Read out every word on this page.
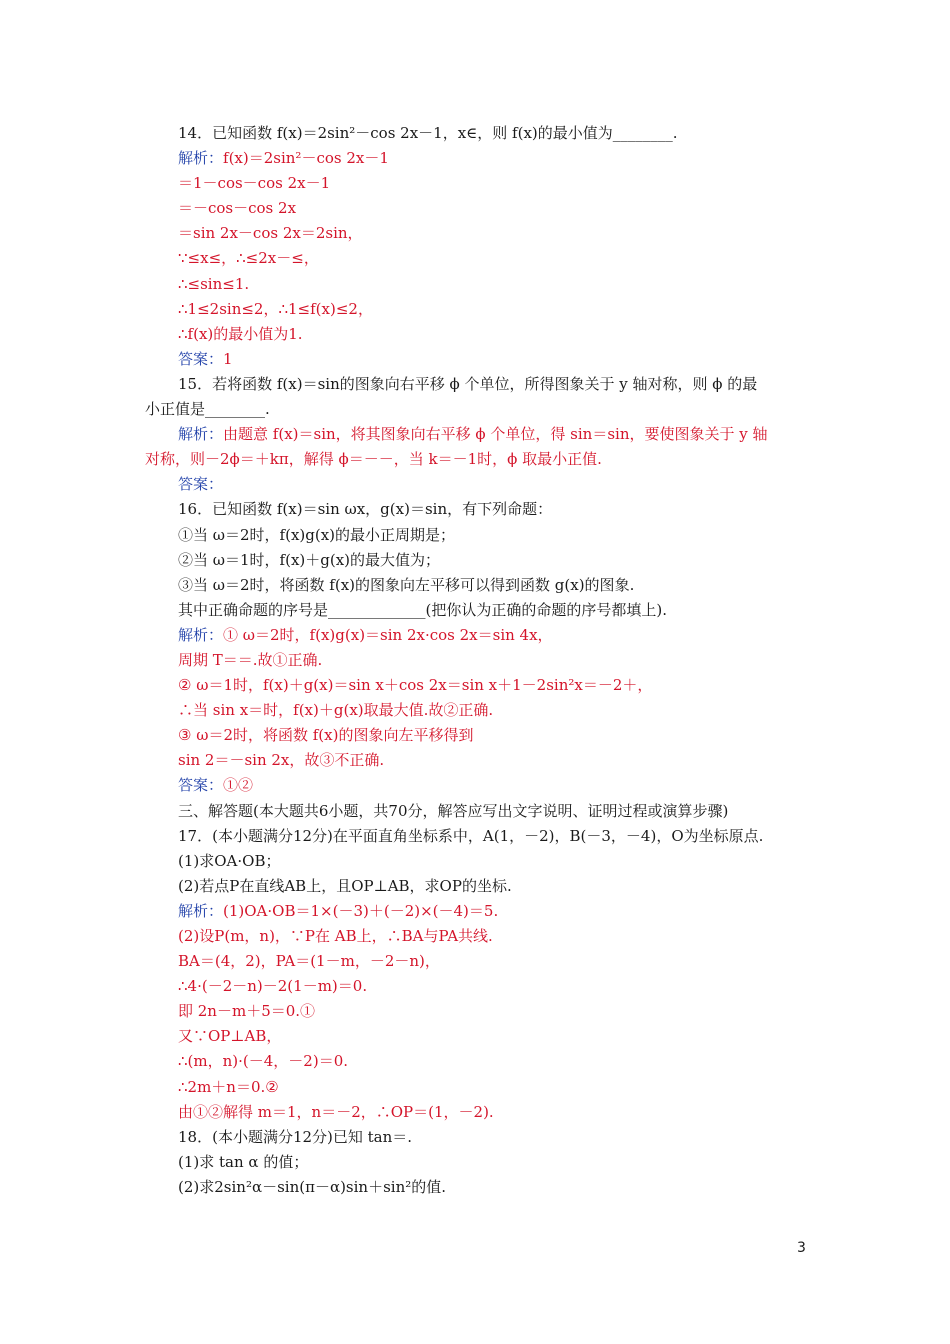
14．已知函数 f(x)＝2sin²－cos 2x－1，x∈，则 f(x)的最小值为________.
解析：f(x)＝2sin²－cos 2x－1
＝1－cos－cos 2x－1
＝－cos－cos 2x
＝sin 2x－cos 2x＝2sin，
∵≤x≤，∴≤2x－≤，
∴≤sin≤1.
∴1≤2sin≤2，∴1≤f(x)≤2，
∴f(x)的最小值为1.
答案：1
15．若将函数 f(x)＝sin的图象向右平移 ϕ 个单位，所得图象关于 y 轴对称，则 ϕ 的最
小正值是________.
解析：由题意 f(x)＝sin，将其图象向右平移 ϕ 个单位，得 sin＝sin，要使图象关于 y 轴
对称，则－2ϕ＝＋kπ，解得 ϕ＝－－，当 k＝－1时，ϕ 取最小正值.
答案：
16．已知函数 f(x)＝sin ωx，g(x)＝sin，有下列命题：
①当 ω＝2时，f(x)g(x)的最小正周期是；
②当 ω＝1时，f(x)＋g(x)的最大值为；
③当 ω＝2时，将函数 f(x)的图象向左平移可以得到函数 g(x)的图象.
其中正确命题的序号是_____________(把你认为正确的命题的序号都填上).
解析：① ω＝2时，f(x)g(x)＝sin 2x·cos 2x＝sin 4x，
周期 T＝＝.故①正确.
② ω＝1时，f(x)＋g(x)＝sin x＋cos 2x＝sin x＋1－2sin²x＝－2＋，
∴当 sin x＝时，f(x)＋g(x)取最大值.故②正确.
③ ω＝2时，将函数 f(x)的图象向左平移得到
sin 2＝－sin 2x，故③不正确.
答案：①②
三、解答题(本大题共6小题，共70分，解答应写出文字说明、证明过程或演算步骤)
17．(本小题满分12分)在平面直角坐标系中，A(1，－2)，B(－3，－4)，O为坐标原点.
(1)求OA·OB；
(2)若点P在直线AB上，且OP⊥AB，求OP的坐标.
解析：(1)OA·OB＝1×(－3)＋(－2)×(－4)＝5.
(2)设P(m，n)，∵P在 AB上，∴BA与PA共线.
BA＝(4，2)，PA＝(1－m，－2－n)，
∴4·(－2－n)－2(1－m)＝0.
即 2n－m＋5＝0.①
又∵OP⊥AB，
∴(m，n)·(－4，－2)＝0.
∴2m＋n＝0.②
由①②解得 m＝1，n＝－2，∴OP＝(1，－2).
18．(本小题满分12分)已知 tan＝.
(1)求 tan α 的值；
(2)求2sin²α－sin(π－α)sin＋sin²的值.
3
